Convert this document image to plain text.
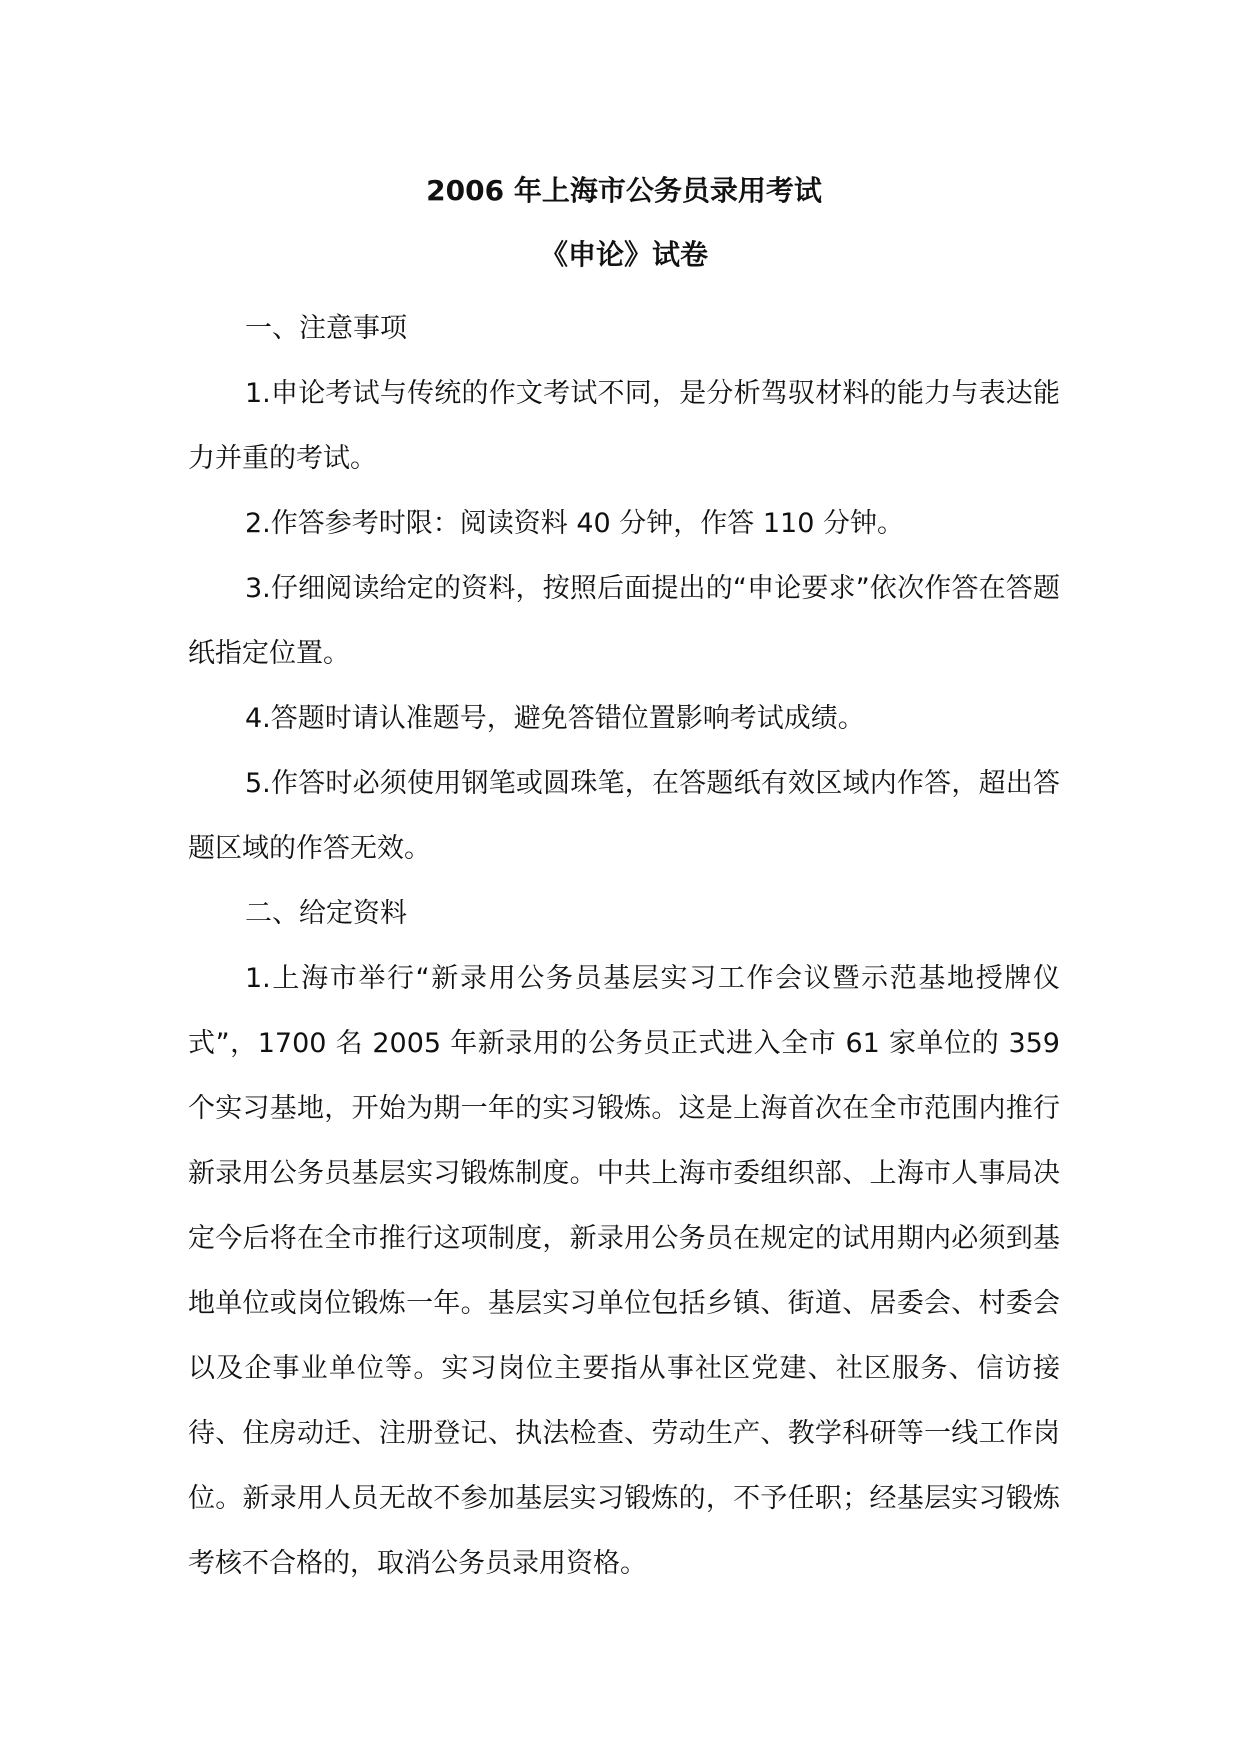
2006 年上海市公务员录用考试
《申论》试卷

一、注意事项

1.申论考试与传统的作文考试不同，是分析驾驭材料的能力与表达能力并重的考试。

2.作答参考时限：阅读资料 40 分钟，作答 110 分钟。

3.仔细阅读给定的资料，按照后面提出的“申论要求”依次作答在答题纸指定位置。

4.答题时请认准题号，避免答错位置影响考试成绩。

5.作答时必须使用钢笔或圆珠笔，在答题纸有效区域内作答，超出答题区域的作答无效。

二、给定资料

1.上海市举行“新录用公务员基层实习工作会议暨示范基地授牌仪式”，1700 名 2005 年新录用的公务员正式进入全市 61 家单位的 359 个实习基地，开始为期一年的实习锻炼。这是上海首次在全市范围内推行新录用公务员基层实习锻炼制度。中共上海市委组织部、上海市人事局决定今后将在全市推行这项制度，新录用公务员在规定的试用期内必须到基地单位或岗位锻炼一年。基层实习单位包括乡镇、街道、居委会、村委会以及企事业单位等。实习岗位主要指从事社区党建、社区服务、信访接待、住房动迁、注册登记、执法检查、劳动生产、教学科研等一线工作岗位。新录用人员无故不参加基层实习锻炼的，不予任职；经基层实习锻炼考核不合格的，取消公务员录用资格。
